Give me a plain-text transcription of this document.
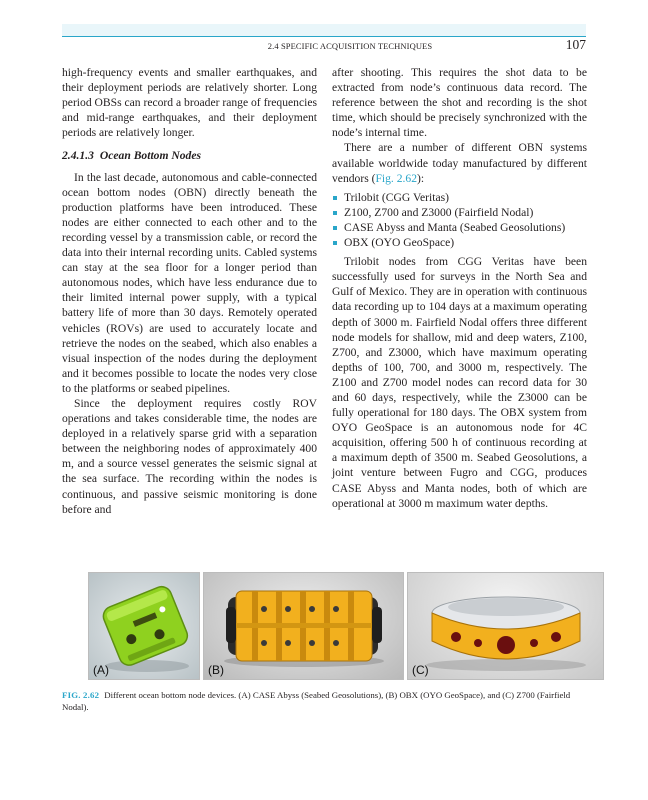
2.4 SPECIFIC ACQUISITION TECHNIQUES	107

high-frequency events and smaller earthquakes, and their deployment periods are relatively shorter. Long period OBSs can record a broader range of frequencies and mid-range earthquakes, and their deployment periods are relatively longer.

2.4.1.3 Ocean Bottom Nodes

In the last decade, autonomous and cable-connected ocean bottom nodes (OBN) directly beneath the production platforms have been introduced. These nodes are either connected to each other and to the recording vessel by a transmission cable, or record the data into their internal recording units. Cabled systems can stay at the sea floor for a longer period than autonomous nodes, which have less endurance due to their limited internal power supply, with a typical battery life of more than 30 days. Remotely operated vehicles (ROVs) are used to accurately locate and retrieve the nodes on the seabed, which also enables a visual inspection of the nodes during the deployment and it becomes possible to locate the nodes very close to the platforms or seabed pipelines.

Since the deployment requires costly ROV operations and takes considerable time, the nodes are deployed in a relatively sparse grid with a separation between the neighboring nodes of approximately 400 m, and a source vessel generates the seismic signal at the sea surface. The recording within the nodes is continuous, and passive seismic monitoring is done before and

after shooting. This requires the shot data to be extracted from node’s continuous data record. The reference between the shot and recording is the shot time, which should be precisely synchronized with the node’s internal time.

There are a number of different OBN systems available worldwide today manufactured by different vendors (Fig. 2.62):

Trilobit (CGG Veritas)
Z100, Z700 and Z3000 (Fairfield Nodal)
CASE Abyss and Manta (Seabed Geosolutions)
OBX (OYO GeoSpace)

Trilobit nodes from CGG Veritas have been successfully used for surveys in the North Sea and Gulf of Mexico. They are in operation with continuous data recording up to 104 days at a maximum operating depth of 3000 m. Fairfield Nodal offers three different node models for shallow, mid and deep waters, Z100, Z700, and Z3000, which have maximum operating depths of 100, 700, and 3000 m, respectively. The Z100 and Z700 model nodes can record data for 30 and 60 days, respectively, while the Z3000 can be fully operational for 180 days. The OBX system from OYO GeoSpace is an autonomous node for 4C acquisition, offering 500 h of continuous recording at a maximum depth of 3500 m. Seabed Geosolutions, a joint venture between Fugro and CGG, produces CASE Abyss and Manta nodes, both of which are operational at 3000 m maximum water depths.

(A)	(B)	(C)
FIG. 2.62 Different ocean bottom node devices. (A) CASE Abyss (Seabed Geosolutions), (B) OBX (OYO GeoSpace), and (C) Z700 (Fairfield Nodal).
